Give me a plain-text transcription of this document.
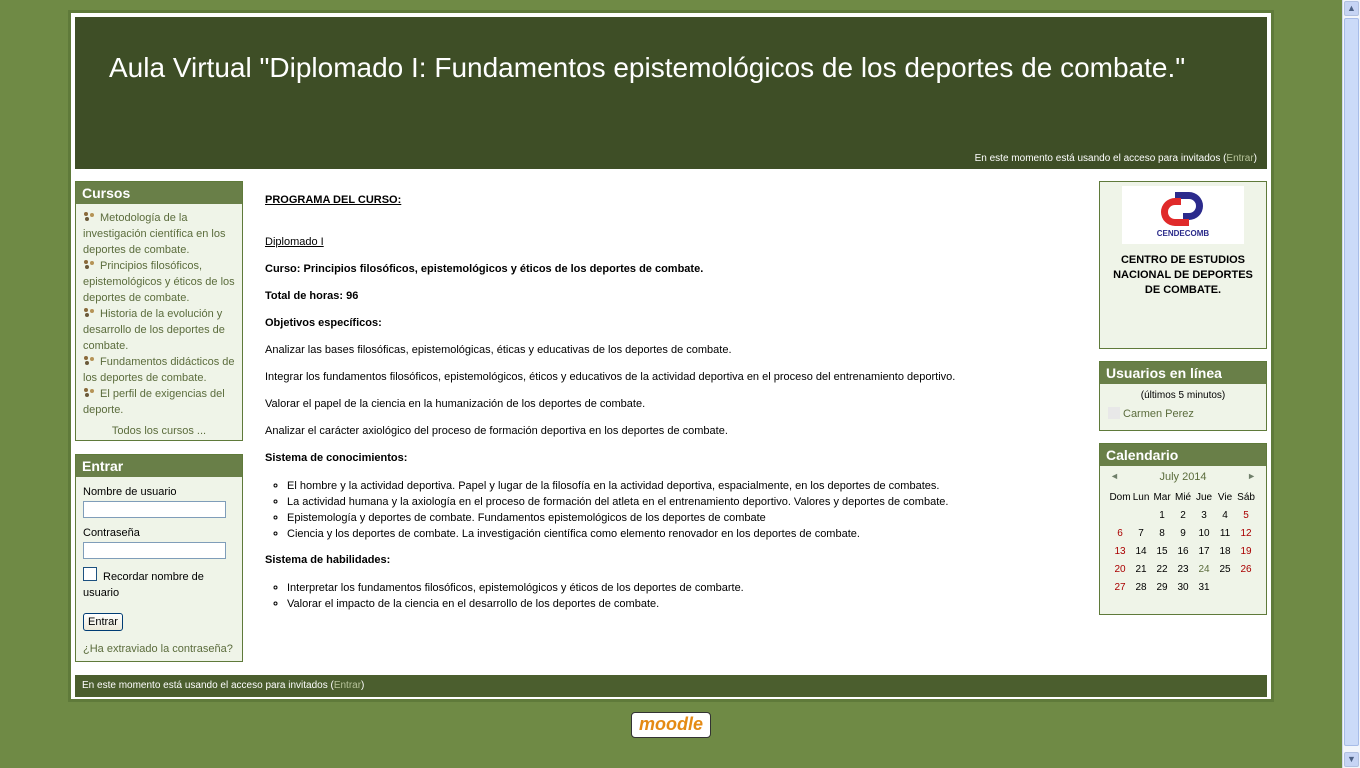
Aula Virtual "Diplomado I: Fundamentos epistemológicos de los deportes de combate."
En este momento está usando el acceso para invitados (Entrar)
Cursos
Metodología de la investigación científica en los deportes de combate.
Principios filosóficos, epistemológicos y éticos de los deportes de combate.
Historia de la evolución y desarrollo de los deportes de combate.
Fundamentos didácticos de los deportes de combate.
El perfil de exigencias del deporte.
Todos los cursos ...
Entrar
Nombre de usuario
Contraseña
Recordar nombre de usuario
Entrar
¿Ha extraviado la contraseña?

PROGRAMA DEL CURSO:

Diplomado I

Curso: Principios filosóficos, epistemológicos y éticos de los deportes de combate.

Total de horas: 96

Objetivos específicos:

Analizar las bases filosóficas, epistemológicas, éticas y educativas de los deportes de combate.

Integrar los fundamentos filosóficos, epistemológicos, éticos y educativos de la actividad deportiva en el proceso del entrenamiento deportivo.

Valorar el papel de la ciencia en la humanización de los deportes de combate.

Analizar el carácter axiológico del proceso de formación deportiva en los deportes de combate.

Sistema de conocimientos:

◦ El hombre y la actividad deportiva. Papel y lugar de la filosofía en la actividad deportiva, espacialmente, en los deportes de combates.
◦ La actividad humana y la axiología en el proceso de formación del atleta en el entrenamiento deportivo. Valores y deportes de combate.
◦ Epistemología y deportes de combate. Fundamentos epistemológicos de los deportes de combate
◦ Ciencia y los deportes de combate. La investigación científica como elemento renovador en los deportes de combate.

Sistema de habilidades:

◦ Interpretar los fundamentos filosóficos, epistemológicos y éticos de los deportes de combarte.
◦ Valorar el impacto de la ciencia en el desarrollo de los deportes de combate.
CENDECOMB
CENTRO DE ESTUDIOS NACIONAL DE DEPORTES DE COMBATE.
Usuarios en línea
(últimos 5 minutos)
Carmen Perez
Calendario
◄	July 2014	►
Dom	Lun	Mar	Mié	Jue	Vie	Sáb
		1	2	3	4	5
6	7	8	9	10	11	12
13	14	15	16	17	18	19
20	21	22	23	24	25	26
27	28	29	30	31		
En este momento está usando el acceso para invitados (Entrar)
moodle
▲
▼
